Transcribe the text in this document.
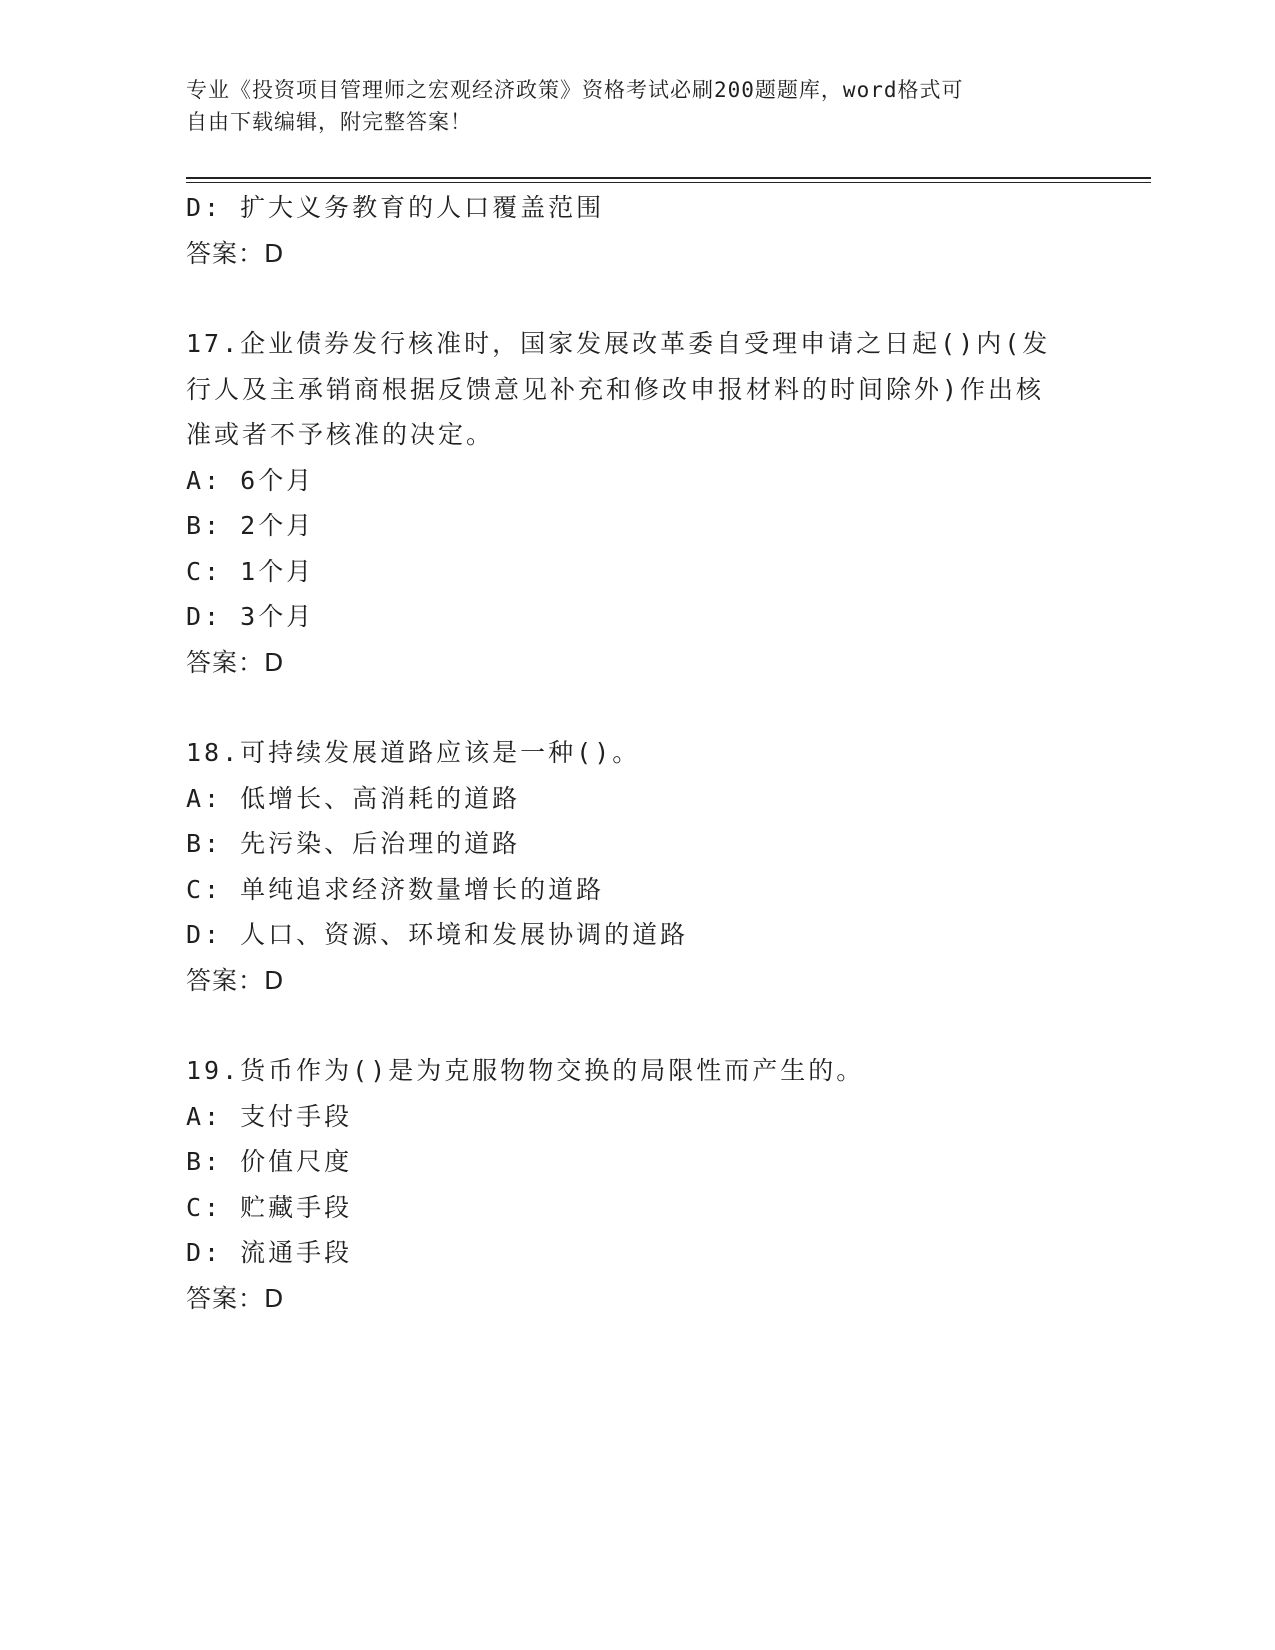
专业《投资项目管理师之宏观经济政策》资格考试必刷200题题库，word格式可
自由下载编辑，附完整答案！
D: 扩大义务教育的人口覆盖范围
答案：D
17.企业债券发行核准时，国家发展改革委自受理申请之日起()内(发
行人及主承销商根据反馈意见补充和修改申报材料的时间除外)作出核
准或者不予核准的决定。
A: 6个月
B: 2个月
C: 1个月
D: 3个月
答案：D
18.可持续发展道路应该是一种()。
A: 低增长、高消耗的道路
B: 先污染、后治理的道路
C: 单纯追求经济数量增长的道路
D: 人口、资源、环境和发展协调的道路
答案：D
19.货币作为()是为克服物物交换的局限性而产生的。
A: 支付手段
B: 价值尺度
C: 贮藏手段
D: 流通手段
答案：D
